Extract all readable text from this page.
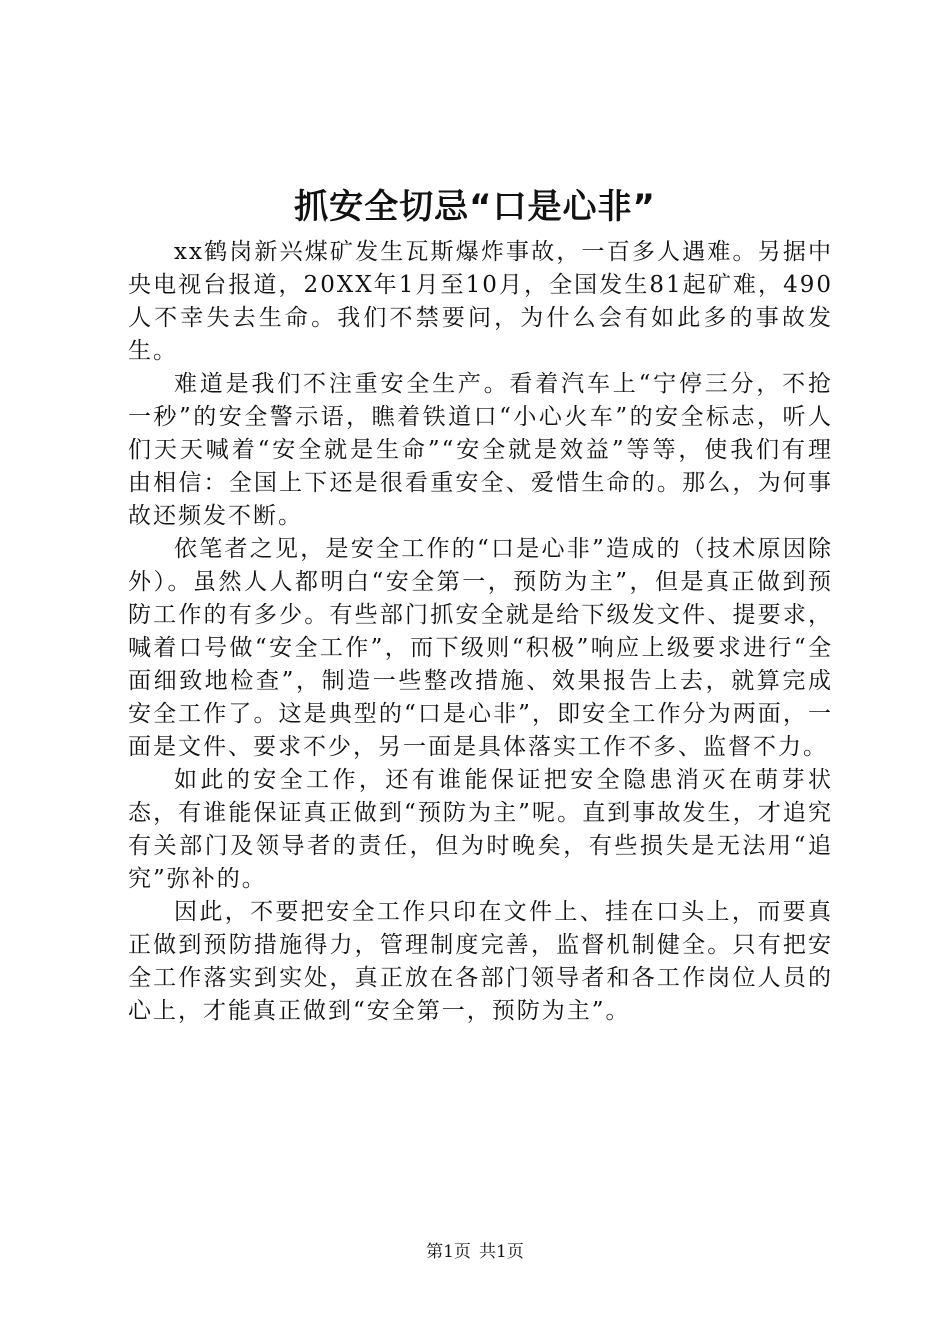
抓安全切忌“口是心非”

xx鹤岗新兴煤矿发生瓦斯爆炸事故，一百多人遇难。另据中央电视台报道，20XX年1月至10月，全国发生81起矿难，490人不幸失去生命。我们不禁要问，为什么会有如此多的事故发生。

难道是我们不注重安全生产。看着汽车上“宁停三分，不抢一秒”的安全警示语，瞧着铁道口“小心火车”的安全标志，听人们天天喊着“安全就是生命”“安全就是效益”等等，使我们有理由相信：全国上下还是很看重安全、爱惜生命的。那么，为何事故还频发不断。

依笔者之见，是安全工作的“口是心非”造成的（技术原因除外）。虽然人人都明白“安全第一，预防为主”，但是真正做到预防工作的有多少。有些部门抓安全就是给下级发文件、提要求，喊着口号做“安全工作”，而下级则“积极”响应上级要求进行“全面细致地检查”，制造一些整改措施、效果报告上去，就算完成安全工作了。这是典型的“口是心非”，即安全工作分为两面，一面是文件、要求不少，另一面是具体落实工作不多、监督不力。

如此的安全工作，还有谁能保证把安全隐患消灭在萌芽状态，有谁能保证真正做到“预防为主”呢。直到事故发生，才追究有关部门及领导者的责任，但为时晚矣，有些损失是无法用“追究”弥补的。

因此，不要把安全工作只印在文件上、挂在口头上，而要真正做到预防措施得力，管理制度完善，监督机制健全。只有把安全工作落实到实处，真正放在各部门领导者和各工作岗位人员的心上，才能真正做到“安全第一，预防为主”。

第1页 共1页
